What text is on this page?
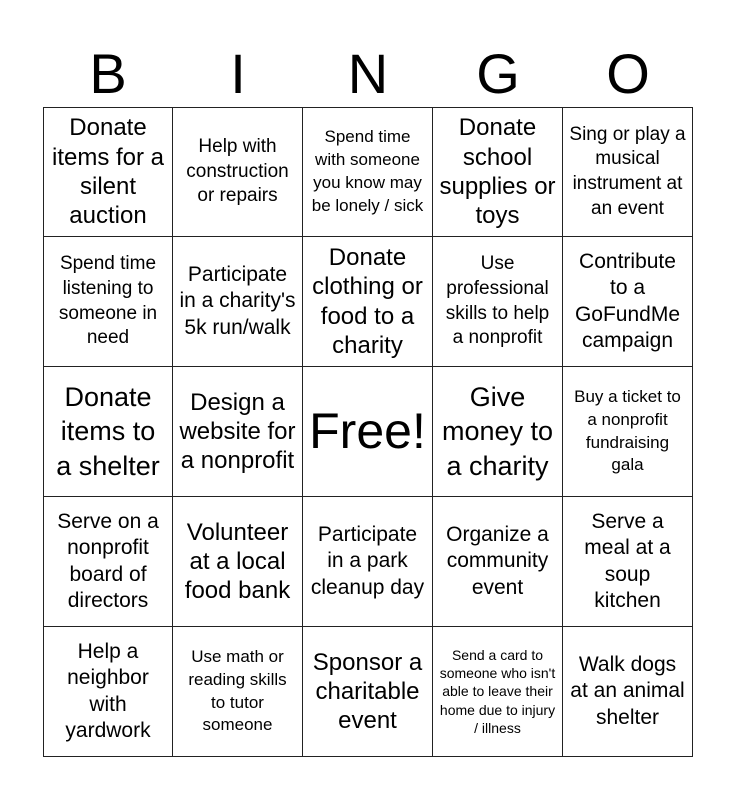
B	I	N	G	O
Donate items for a silent auction
Help with construction or repairs
Spend time with someone you know may be lonely / sick
Donate school supplies or toys
Sing or play a musical instrument at an event
Spend time listening to someone in need
Participate in a charity's 5k run/walk
Donate clothing or food to a charity
Use professional skills to help a nonprofit
Contribute to a GoFundMe campaign
Donate items to a shelter
Design a website for a nonprofit
Free!
Give money to a charity
Buy a ticket to a nonprofit fundraising gala
Serve on a nonprofit board of directors
Volunteer at a local food bank
Participate in a park cleanup day
Organize a community event
Serve a meal at a soup kitchen
Help a neighbor with yardwork
Use math or reading skills to tutor someone
Sponsor a charitable event
Send a card to someone who isn't able to leave their home due to injury / illness
Walk dogs at an animal shelter
